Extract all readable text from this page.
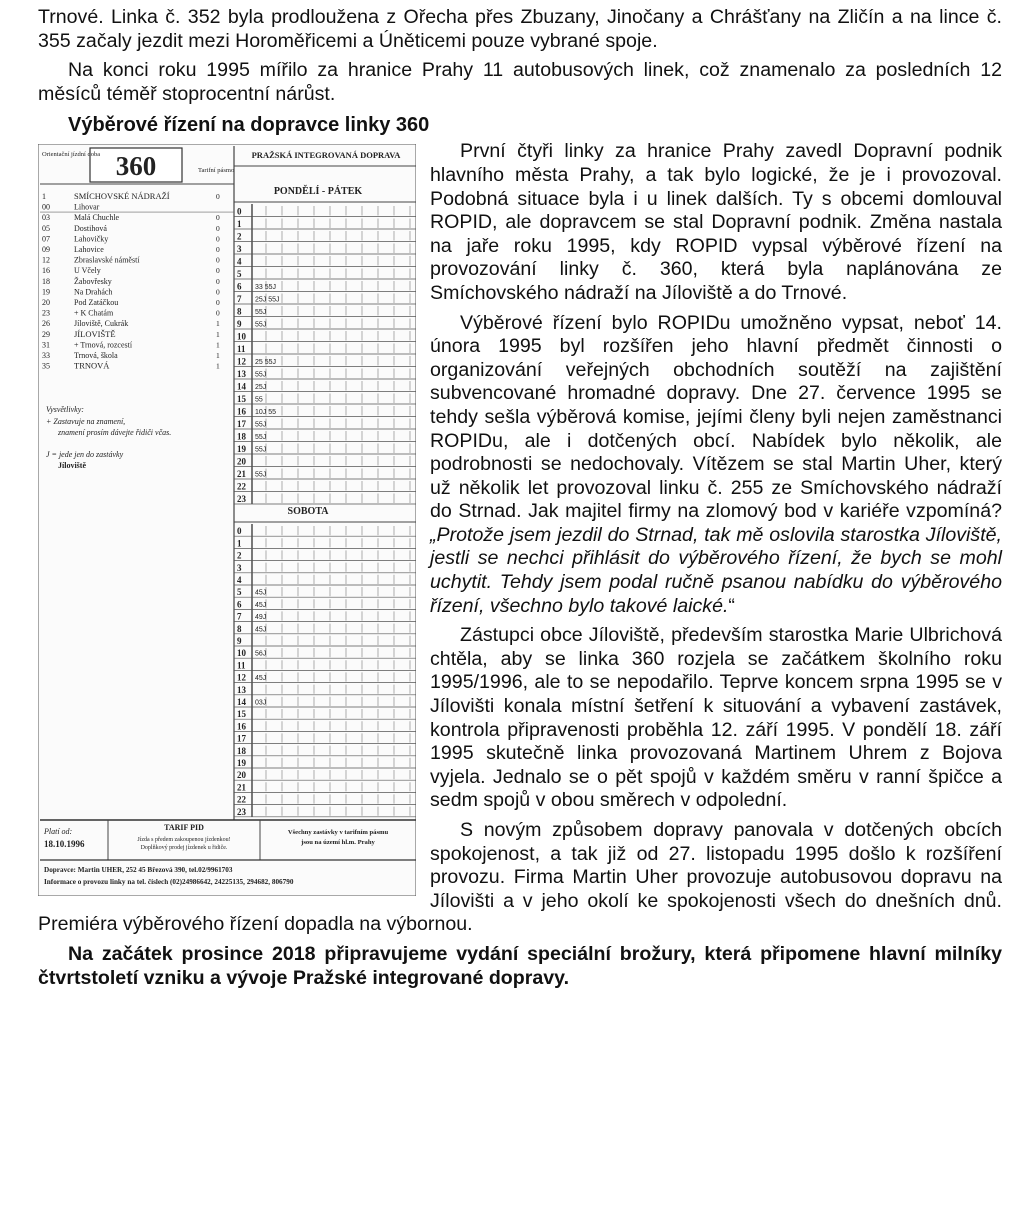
Trnové. Linka č. 352 byla prodloužena z Ořecha přes Zbuzany, Jinočany a Chrášťany na Zličín a na lince č. 355 začaly jezdit mezi Horoměřicemi a Úněticemi pouze vybrané spoje.

Na konci roku 1995 mířilo za hranice Prahy 11 autobusových linek, což znamenalo za posledních 12 měsíců téměř stoprocentní nárůst.

Výběrové řízení na dopravce linky 360
360
Orientační jízdní doba
Tarifní pásmo
1	SMÍCHOVSKÉ NÁDRAŽÍ	0
00	Lihovar
03	Malá Chuchle	0
05	Dostihová	0
07	Lahovičky	0
09	Lahovice	0
12	Zbraslavské náměstí	0
16	U Včely	0
18	Žabovřesky	0
19	Na Drahách	0
20	Pod Zatáčkou	0
23	+ K Chatám	0
26	Jíloviště, Cukrák	1
29	JÍLOVIŠTĚ	1
31	+ Trnová, rozcestí	1
33	Trnová, škola	1
35	TRNOVÁ	1
Vysvětlivky:
+ Zastavuje na znamení,
znamení prosím dávejte řidiči včas.
J = jede jen do zastávky
Jíloviště
PRAŽSKÁ INTEGROVANÁ DOPRAVA
PONDĚLÍ - PÁTEK
0
1
2
3
4
5
6 33 55J
7 25J 55J
8 55J
9 55J
10
11
12 25 55J
13 55J
14 25J
15 55
16 10J 55
17 55J
18 55J
19 55J
20
21 55J
22
23
SOBOTA
0
1
2
3
4
5 45J
6 45J
7 49J
8 45J
9
10 56J
11
12 45J
13
14 03J
15
16
17
18
19
20
21
22
23
Platí od:
18.10.1996
TARIF PID
Jízda s předem zakoupenou jízdenkou!
Doplňkový prodej jízdenek u řidiče.
Všechny zastávky v tarifním pásmu
jsou na území hl.m. Prahy
Dopravce: Martin UHER, 252 45 Březová 390, tel.02/9961703
Informace o provozu linky na tel. číslech (02)24986642, 24225135, 294682, 806790

První čtyři linky za hranice Prahy zavedl Dopravní podnik hlavního města Prahy, a tak bylo logické, že je i provozoval. Podobná situace byla i u linek dalších. Ty s obcemi domlouval ROPID, ale dopravcem se stal Dopravní podnik. Změna nastala na jaře roku 1995, kdy ROPID vypsal výběrové řízení na provozování linky č. 360, která byla naplánována ze Smíchovského nádraží na Jíloviště a do Trnové.

Výběrové řízení bylo ROPIDu umožněno vypsat, neboť 14. února 1995 byl rozšířen jeho hlavní předmět činnosti o organizování veřejných obchodních soutěží na zajištění subvencované hromadné dopravy. Dne 27. července 1995 se tehdy sešla výběrová komise, jejími členy byli nejen zaměstnanci ROPIDu, ale i dotčených obcí. Nabídek bylo několik, ale podrobnosti se nedochovaly. Vítězem se stal Martin Uher, který už několik let provozoval linku č. 255 ze Smíchovského nádraží do Strnad. Jak majitel firmy na zlomový bod v kariéře vzpomíná? „Protože jsem jezdil do Strnad, tak mě oslovila starostka Jíloviště, jestli se nechci přihlásit do výběrového řízení, že bych se mohl uchytit. Tehdy jsem podal ručně psanou nabídku do výběrového řízení, všechno bylo takové laické.“

Zástupci obce Jíloviště, především starostka Marie Ulbrichová chtěla, aby se linka 360 rozjela se začátkem školního roku 1995/1996, ale to se nepodařilo. Teprve koncem srpna 1995 se v Jílovišti konala místní šetření k situování a vybavení zastávek, kontrola připravenosti proběhla 12. září 1995. V pondělí 18. září 1995 skutečně linka provozovaná Martinem Uhrem z Bojova vyjela. Jednalo se o pět spojů v každém směru v ranní špičce a sedm spojů v obou směrech v odpolední.

S novým způsobem dopravy panovala v dotčených obcích spokojenost, a tak již od 27. listopadu 1995 došlo k rozšíření provozu. Firma Martin Uher provozuje autobusovou dopravu na Jílovišti a v jeho okolí ke spokojenosti všech do dnešních dnů. Premiéra výběrového řízení dopadla na výbornou.

Na začátek prosince 2018 připravujeme vydání speciální brožury, která připomene hlavní milníky čtvrtstoletí vzniku a vývoje Pražské integrované dopravy.
